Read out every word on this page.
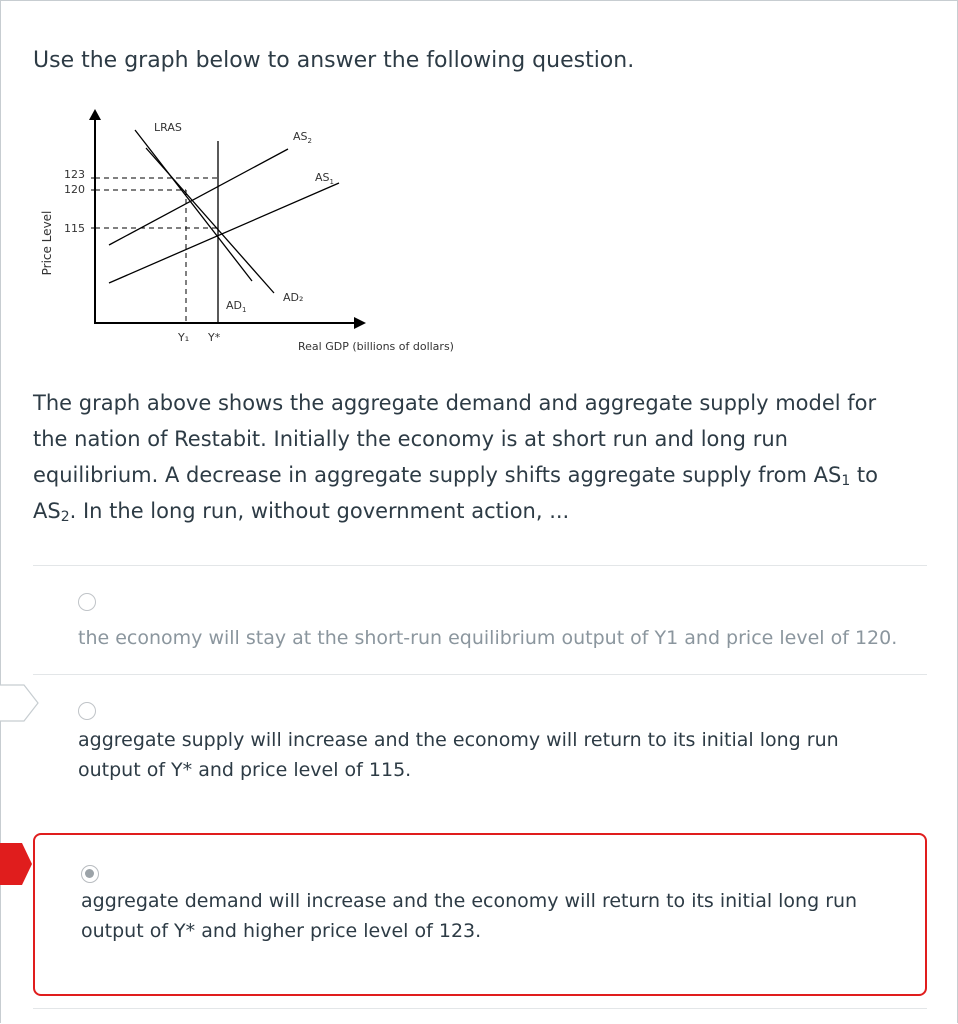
Use the graph below to answer the following question.
Price Level
123
120
115
LRAS
$AS_2$
$AS_1$
$AD_1$
AD₂
Y₁ Y*
Real GDP (billions of dollars)
The graph above shows the aggregate demand and aggregate supply model for the nation of Restabit. Initially the economy is at short run and long run equilibrium. A decrease in aggregate supply shifts aggregate supply from $AS_1$ to $AS_2$. In the long run, without government action, ...
the economy will stay at the short-run equilibrium output of Y1 and price level of 120.
aggregate supply will increase and the economy will return to its initial long run output of Y* and price level of 115.
aggregate demand will increase and the economy will return to its initial long run output of Y* and higher price level of 123.
